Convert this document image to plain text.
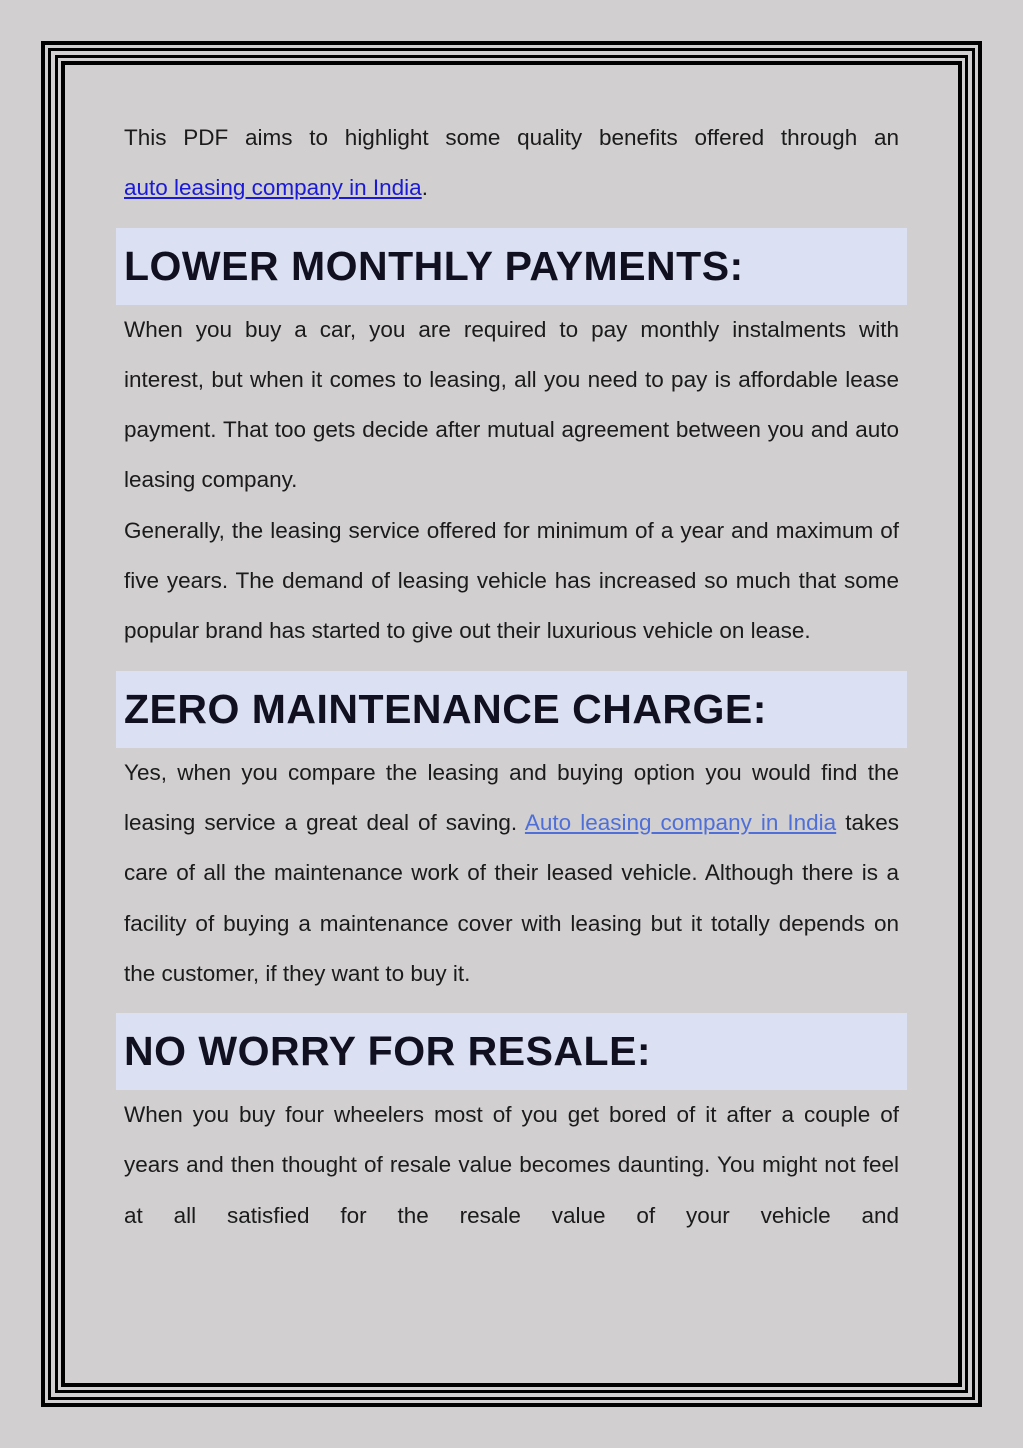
This PDF aims to highlight some quality benefits offered through an

auto leasing company in India.

LOWER MONTHLY PAYMENTS:

When you buy a car, you are required to pay monthly instalments with interest, but when it comes to leasing, all you need to pay is affordable lease payment. That too gets decide after mutual agreement between you and auto leasing company.

Generally, the leasing service offered for minimum of a year and maximum of five years. The demand of leasing vehicle has increased so much that some popular brand has started to give out their luxurious vehicle on lease.

ZERO MAINTENANCE CHARGE:

Yes, when you compare the leasing and buying option you would find the leasing service a great deal of saving. Auto leasing company in India takes care of all the maintenance work of their leased vehicle. Although there is a facility of buying a maintenance cover with leasing but it totally depends on the customer, if they want to buy it.

NO WORRY FOR RESALE:

When you buy four wheelers most of you get bored of it after a couple of years and then thought of resale value becomes daunting. You might not feel at all satisfied for the resale value of your vehicle and
